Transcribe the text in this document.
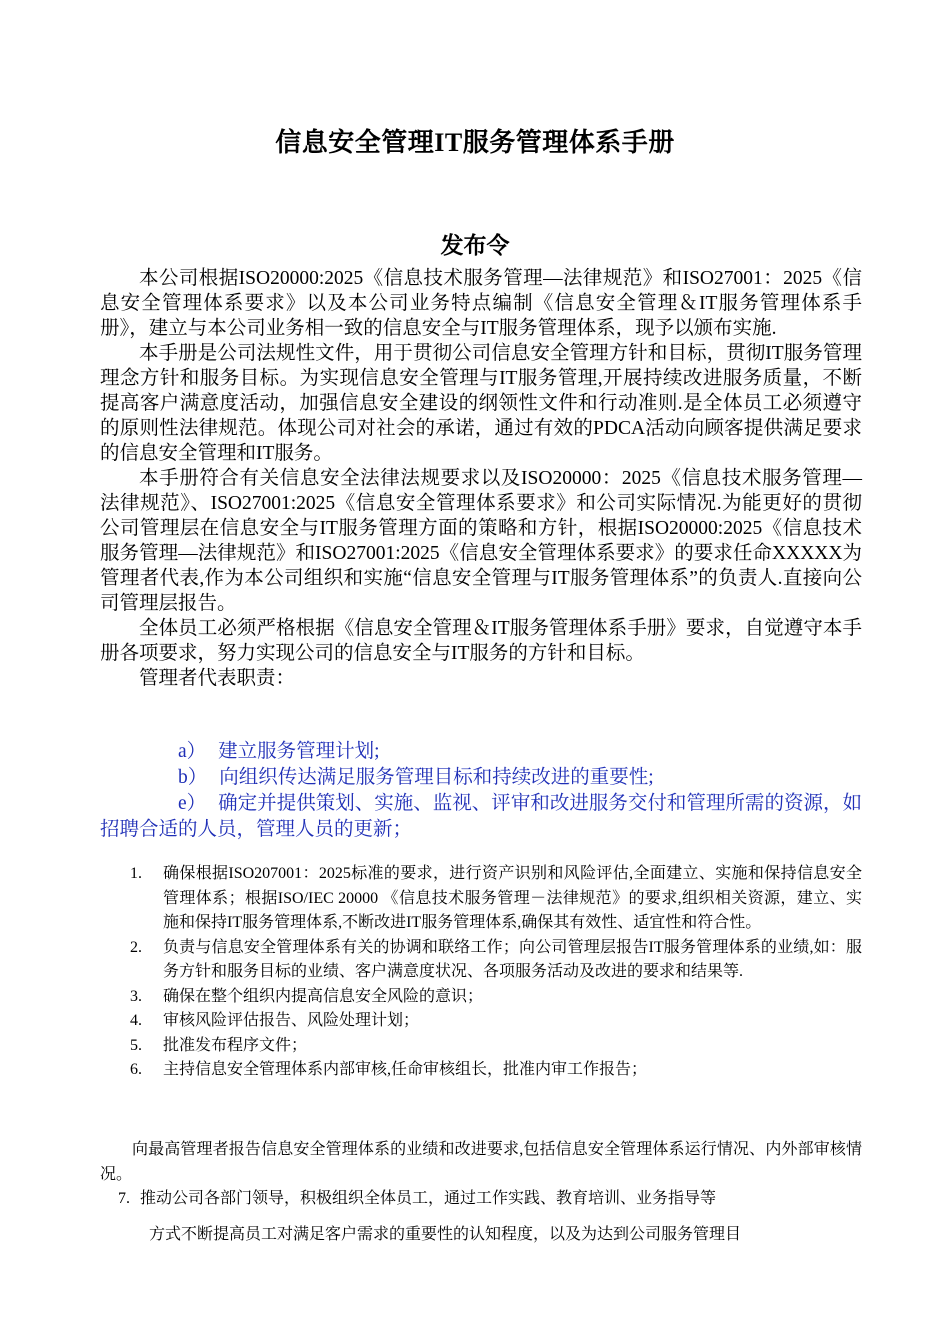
信息安全管理IT服务管理体系手册
发布令

本公司根据ISO20000:2025《信息技术服务管理—法律规范》和ISO27001：2025《信息安全管理体系要求》以及本公司业务特点编制《信息安全管理＆IT服务管理体系手册》，建立与本公司业务相一致的信息安全与IT服务管理体系，现予以颁布实施.

本手册是公司法规性文件，用于贯彻公司信息安全管理方针和目标，贯彻IT服务管理理念方针和服务目标。为实现信息安全管理与IT服务管理,开展持续改进服务质量，不断提高客户满意度活动，加强信息安全建设的纲领性文件和行动准则.是全体员工必须遵守的原则性法律规范。体现公司对社会的承诺，通过有效的PDCA活动向顾客提供满足要求的信息安全管理和IT服务。

本手册符合有关信息安全法律法规要求以及ISO20000：2025《信息技术服务管理—法律规范》、ISO27001:2025《信息安全管理体系要求》和公司实际情况.为能更好的贯彻公司管理层在信息安全与IT服务管理方面的策略和方针，根据ISO20000:2025《信息技术服务管理—法律规范》和ISO27001:2025《信息安全管理体系要求》的要求任命XXXXX为管理者代表,作为本公司组织和实施“信息安全管理与IT服务管理体系”的负责人.直接向公司管理层报告。

全体员工必须严格根据《信息安全管理＆IT服务管理体系手册》要求，自觉遵守本手册各项要求，努力实现公司的信息安全与IT服务的方针和目标。

管理者代表职责：

a） 建立服务管理计划;

b） 向组织传达满足服务管理目标和持续改进的重要性;

e） 确定并提供策划、实施、监视、评审和改进服务交付和管理所需的资源，如招聘合适的人员，管理人员的更新；

1.	确保根据ISO207001：2025标准的要求，进行资产识别和风险评估,全面建立、实施和保持信息安全管理体系；根据ISO/IEC 20000 《信息技术服务管理－法律规范》的要求,组织相关资源，建立、实施和保持IT服务管理体系,不断改进IT服务管理体系,确保其有效性、适宜性和符合性。
2.	负责与信息安全管理体系有关的协调和联络工作；向公司管理层报告IT服务管理体系的业绩,如：服务方针和服务目标的业绩、客户满意度状况、各项服务活动及改进的要求和结果等.
3.	确保在整个组织内提高信息安全风险的意识；
4.	审核风险评估报告、风险处理计划；
5.	批准发布程序文件；
6.	主持信息安全管理体系内部审核,任命审核组长，批准内审工作报告；
向最高管理者报告信息安全管理体系的业绩和改进要求,包括信息安全管理体系运行情况、内外部审核情况。
7. 推动公司各部门领导，积极组织全体员工，通过工作实践、教育培训、业务指导等
方式不断提高员工对满足客户需求的重要性的认知程度，以及为达到公司服务管理目
